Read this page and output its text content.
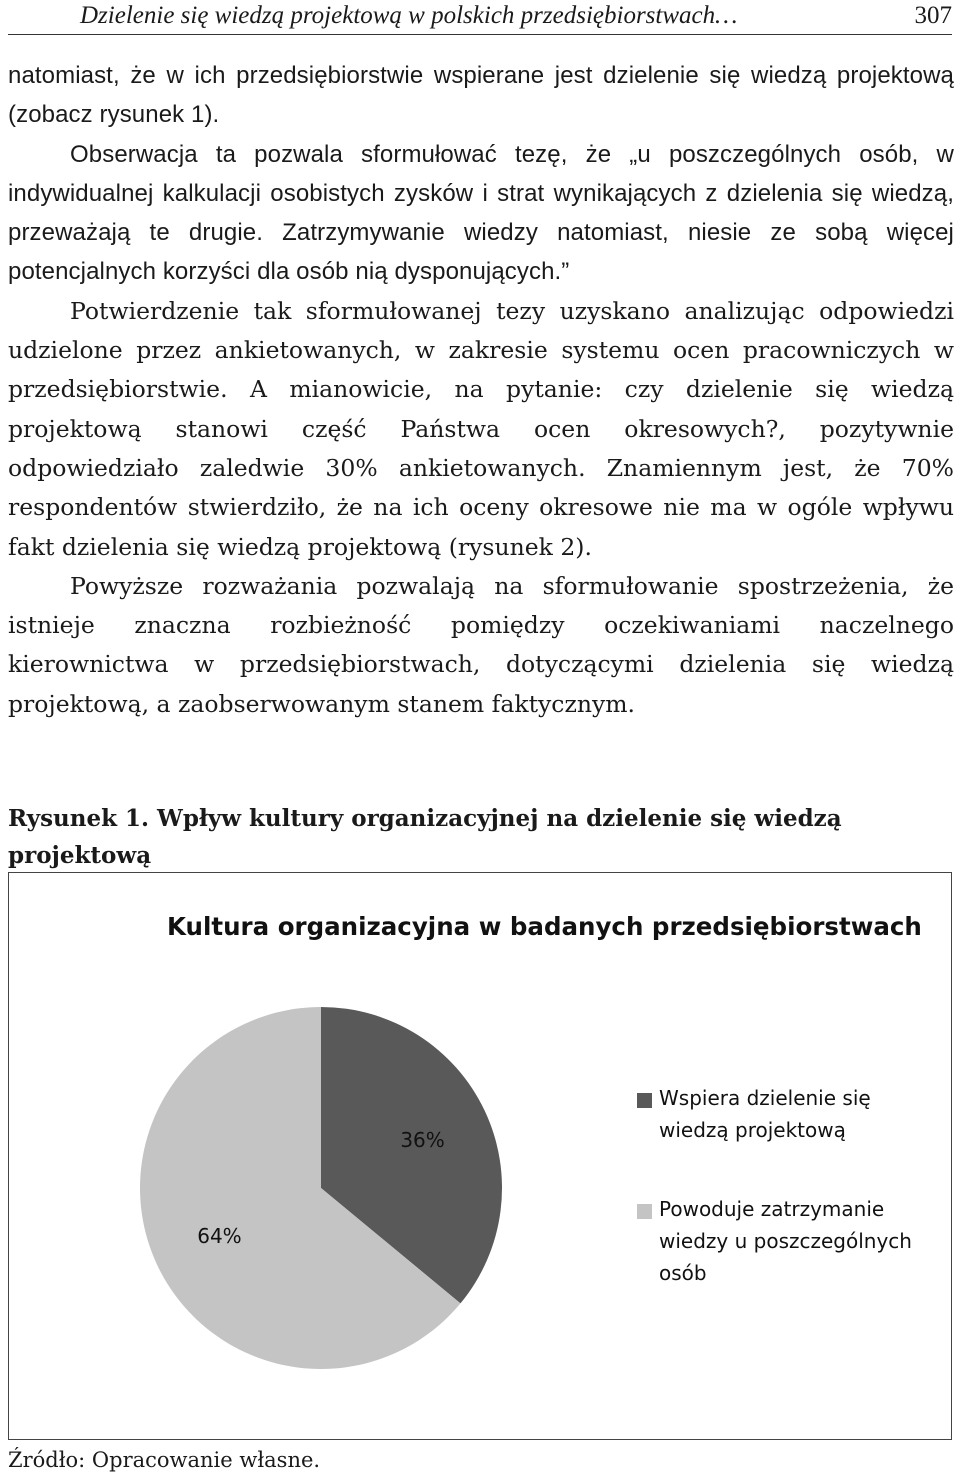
Dzielenie się wiedzą projektową w polskich przedsiębiorstwach…	307

natomiast, że w ich przedsiębiorstwie wspierane jest dzielenie się wiedzą projektową (zobacz rysunek 1).

Obserwacja ta pozwala sformułować tezę, że „u poszczególnych osób, w indywidualnej kalkulacji osobistych zysków i strat wynikających z dzielenia się wiedzą, przeważają te drugie. Zatrzymywanie wiedzy natomiast, niesie ze sobą więcej potencjalnych korzyści dla osób nią dysponujących.”

Potwierdzenie tak sformułowanej tezy uzyskano analizując odpowiedzi udzielone przez ankietowanych, w zakresie systemu ocen pracowniczych w przedsiębiorstwie. A mianowicie, na pytanie: czy dzielenie się wiedzą projektową stanowi część Państwa ocen okresowych?, pozytywnie odpowiedziało zaledwie 30% ankietowanych. Znamiennym jest, że 70% respondentów stwierdziło, że na ich oceny okresowe nie ma w ogóle wpływu fakt dzielenia się wiedzą projektową (rysunek 2).

Powyższe rozważania pozwalają na sformułowanie spostrzeżenia, że istnieje znaczna rozbieżność pomiędzy oczekiwaniami naczelnego kierownictwa w przedsiębiorstwach, dotyczącymi dzielenia się wiedzą projektową, a zaobserwowanym stanem faktycznym.

Rysunek 1. Wpływ kultury organizacyjnej na dzielenie się wiedzą projektową
Kultura organizacyjna w badanych przedsiębiorstwach
36%
64%
Wspiera dzielenie się wiedzą projektową
Powoduje zatrzymanie wiedzy u poszczególnych osób
Źródło: Opracowanie własne.
